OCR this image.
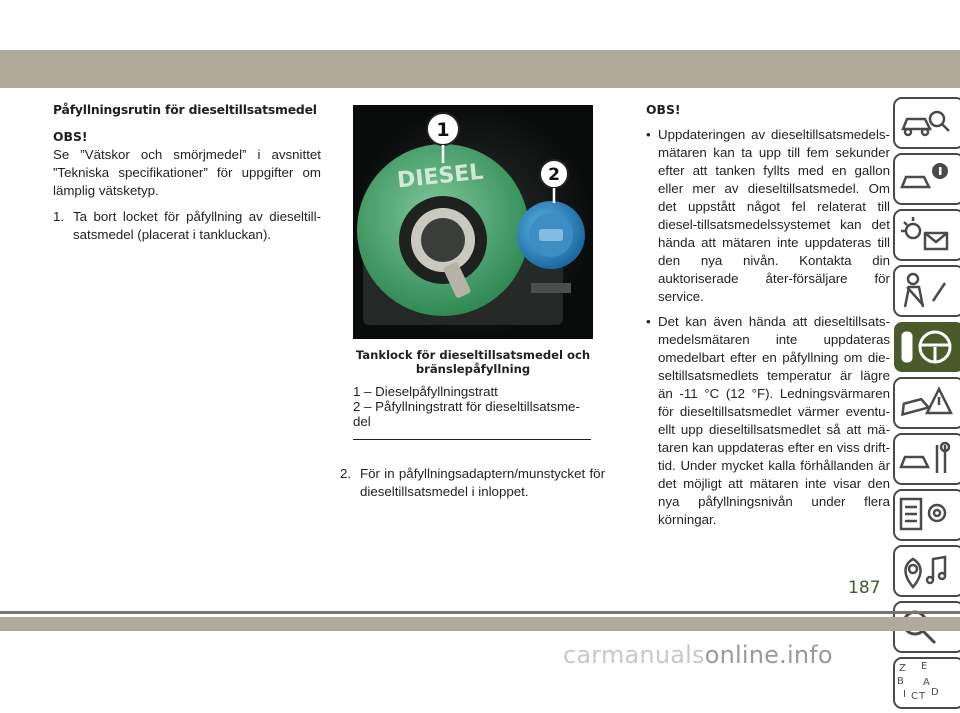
Påfyllningsrutin för dieseltillsatsmedel

OBS!

Se ”Vätskor och smörjmedel” i avsnittet ”Tekniska specifikationer” för uppgifter om lämplig vätsketyp.

1. Ta bort locket för påfyllning av dieseltill-satsmedel (placerat i tankluckan).
DIESEL
1
2

Tanklock för dieseltillsatsmedel och bränslepåfyllning

1 – Dieselpåfyllningstratt

2 – Påfyllningstratt för dieseltillsatsme-del

2. För in påfyllningsadaptern/munstycket för dieseltillsatsmedel i inloppet.

OBS!

• Uppdateringen av dieseltillsatsmedels-mätaren kan ta upp till fem sekunder efter att tanken fyllts med en gallon eller mer av dieseltillsatsmedel. Om det uppstått något fel relaterat till diesel-tillsatsmedelssystemet kan det hända att mätaren inte uppdateras till den nya nivån. Kontakta din auktoriserade åter-försäljare för service.
• Det kan även hända att dieseltillsats-medelsmätaren inte uppdateras omedelbart efter en påfyllning om die-seltillsatsmedlets temperatur är lägre än -11 °C (12 °F). Ledningsvärmaren för dieseltillsatsmedlet värmer eventu-ellt upp dieseltillsatsmedlet så att mä-taren kan uppdateras efter en viss drift-tid. Under mycket kalla förhållanden är det möjligt att mätaren inte visar den nya påfyllningsnivån under flera körningar.
Z E
B A
I C T D
187
carmanualsonline.info
